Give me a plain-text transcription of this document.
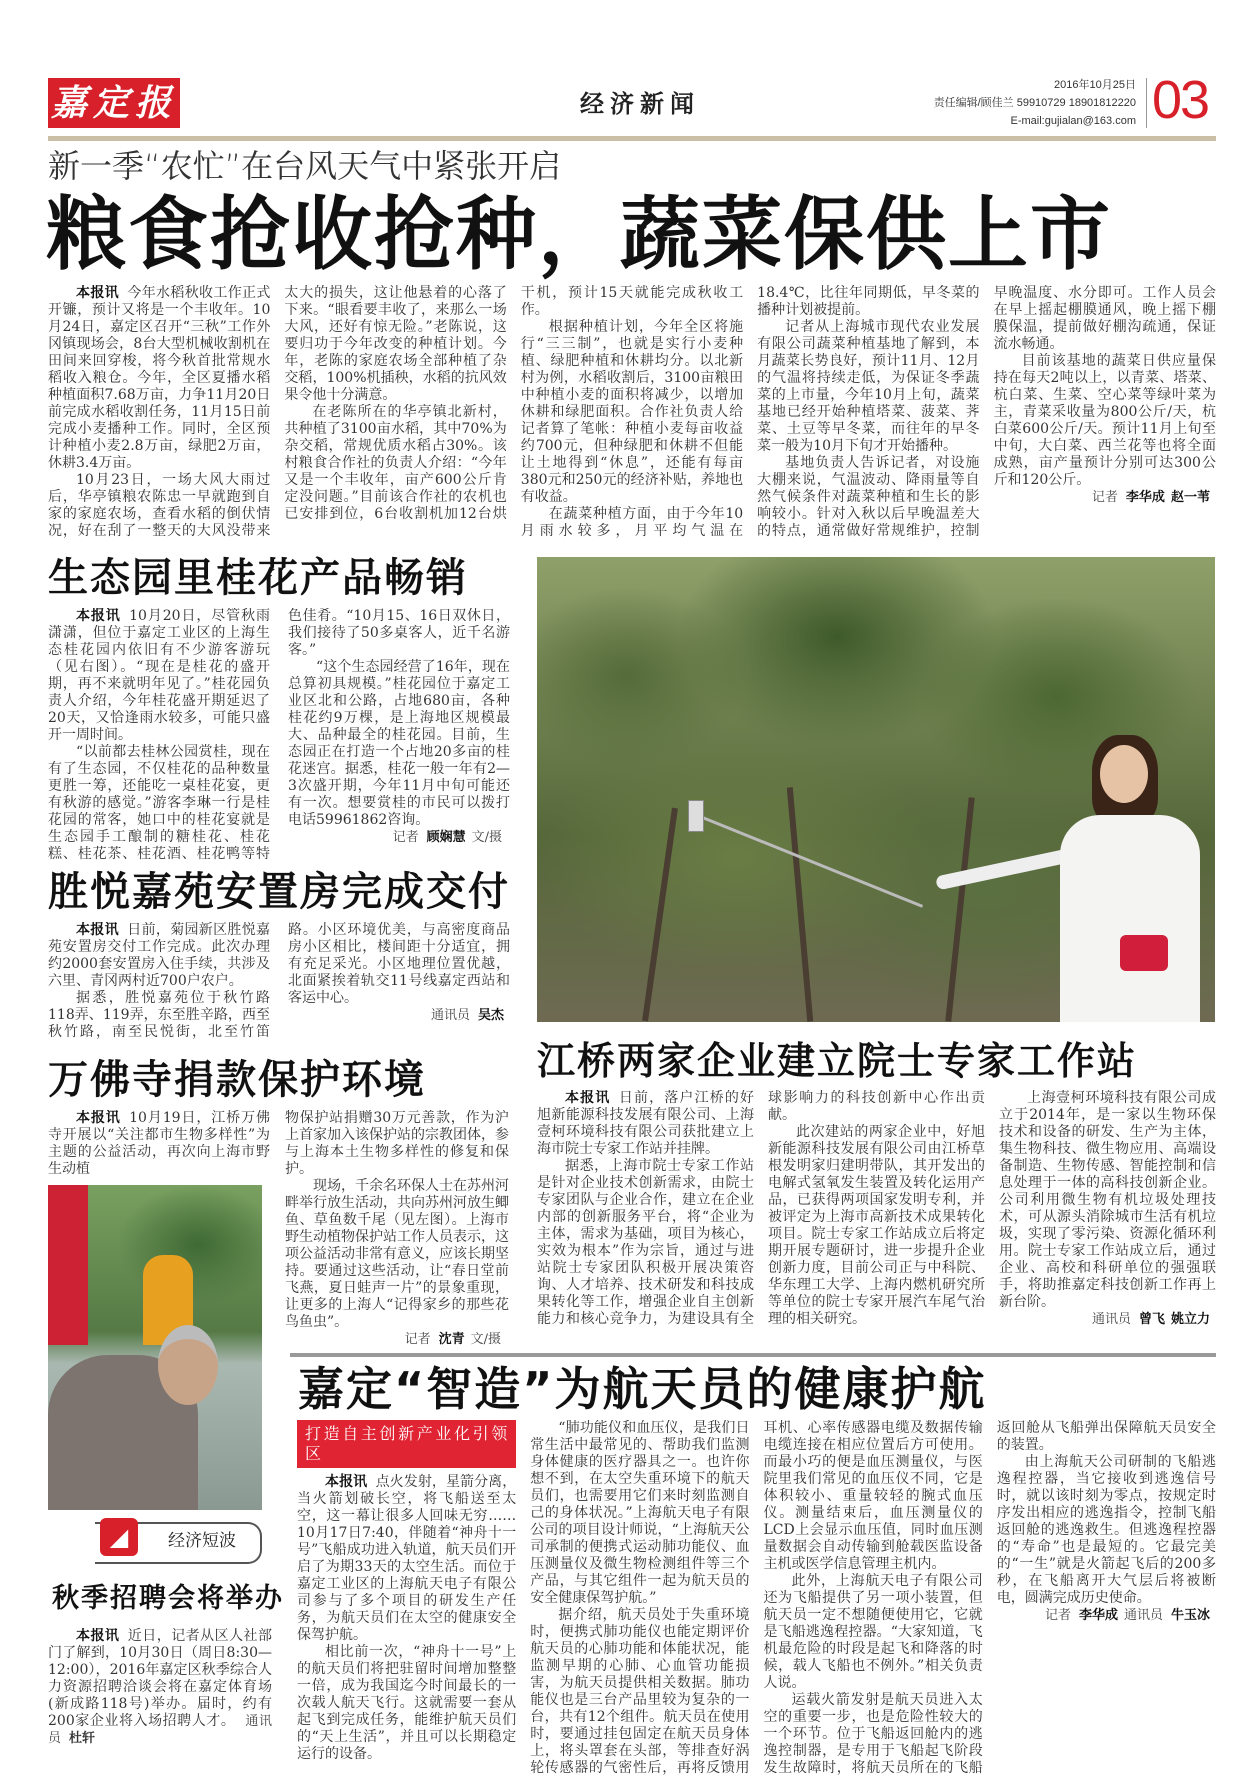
嘉定报	经济新闻
2016年10月25日
责任编辑/顾佳兰 59910729 18901812220
E-mail:gujialan@163.com 03
新一季“农忙”在台风天气中紧张开启
粮食抢收抢种，蔬菜保供上市

本报讯 今年水稻秋收工作正式开镰，预计又将是一个丰收年。10月24日，嘉定区召开“三秋”工作外冈镇现场会，8台大型机械收割机在田间来回穿梭，将今秋首批常规水稻收入粮仓。今年，全区夏播水稻种植面积7.68万亩，力争11月20日前完成水稻收割任务，11月15日前完成小麦播种工作。同时，全区预计种植小麦2.8万亩，绿肥2万亩，休耕3.4万亩。

10月23日，一场大风大雨过后，华亭镇粮农陈忠一早就跑到自家的家庭农场，查看水稻的倒伏情况，好在刮了一整天的大风没带来太大的损失，这让他悬着的心落了下来。“眼看要丰收了，来那么一场大风，还好有惊无险。”老陈说，这要归功于今年改变的种植计划。今年，老陈的家庭农场全部种植了杂交稻，100%机插秧，水稻的抗风效果令他十分满意。

在老陈所在的华亭镇北新村，共种植了3100亩水稻，其中70%为杂交稻，常规优质水稻占30%。该村粮食合作社的负责人介绍：“今年又是一个丰收年，亩产600公斤肯定没问题。”目前该合作社的农机也已安排到位，6台收割机加12台烘干机，预计15天就能完成秋收工作。

根据种植计划，今年全区将施行“三三制”，也就是实行小麦种植、绿肥种植和休耕均分。以北新村为例，水稻收割后，3100亩粮田中种植小麦的面积将减少，以增加休耕和绿肥面积。合作社负责人给记者算了笔帐：种植小麦每亩收益约700元，但种绿肥和休耕不但能让土地得到“休息”，还能有每亩380元和250元的经济补贴，养地也有收益。

在蔬菜种植方面，由于今年10月雨水较多，月平均气温在18.4℃，比往年同期低，早冬菜的播种计划被提前。

记者从上海城市现代农业发展有限公司蔬菜种植基地了解到，本月蔬菜长势良好，预计11月、12月的气温将持续走低，为保证冬季蔬菜的上市量，今年10月上旬，蔬菜基地已经开始种植塔菜、菠菜、荠菜、土豆等早冬菜，而往年的早冬菜一般为10月下旬才开始播种。

基地负责人告诉记者，对设施大棚来说，气温波动、降雨量等自然气候条件对蔬菜种植和生长的影响较小。针对入秋以后早晚温差大的特点，通常做好常规维护，控制早晚温度、水分即可。工作人员会在早上摇起棚膜通风，晚上摇下棚膜保温，提前做好棚沟疏通，保证流水畅通。

目前该基地的蔬菜日供应量保持在每天2吨以上，以青菜、塔菜、杭白菜、生菜、空心菜等绿叶菜为主，青菜采收量为800公斤/天，杭白菜600公斤/天。预计11月上旬至中旬，大白菜、西兰花等也将全面成熟，亩产量预计分别可达300公斤和120公斤。

记者 李华成 赵一苇

生态园里桂花产品畅销

本报讯 10月20日，尽管秋雨潇潇，但位于嘉定工业区的上海生态桂花园内依旧有不少游客游玩（见右图）。“现在是桂花的盛开期，再不来就明年见了。”桂花园负责人介绍，今年桂花盛开期延迟了20天，又恰逢雨水较多，可能只盛开一周时间。

“以前都去桂林公园赏桂，现在有了生态园，不仅桂花的品种数量更胜一筹，还能吃一桌桂花宴，更有秋游的感觉。”游客李琳一行是桂花园的常客，她口中的桂花宴就是生态园手工酿制的糖桂花、桂花糕、桂花茶、桂花酒、桂花鸭等特色佳肴。“10月15、16日双休日，我们接待了50多桌客人，近千名游客。”

“这个生态园经营了16年，现在总算初具规模。”桂花园位于嘉定工业区北和公路，占地680亩，各种桂花约9万棵，是上海地区规模最大、品种最全的桂花园。目前，生态园正在打造一个占地20多亩的桂花迷宫。据悉，桂花一般一年有2—3次盛开期，今年11月中旬可能还有一次。想要赏桂的市民可以拨打电话59961862咨询。

记者 顾娴慧 文/摄

胜悦嘉苑安置房完成交付

本报讯 日前，菊园新区胜悦嘉苑安置房交付工作完成。此次办理约2000套安置房入住手续，共涉及六里、青冈两村近700户农户。

据悉，胜悦嘉苑位于秋竹路118弄、119弄，东至胜辛路，西至秋竹路，南至民悦街，北至竹笛路。小区环境优美，与高密度商品房小区相比，楼间距十分适宜，拥有充足采光。小区地理位置优越，北面紧挨着轨交11号线嘉定西站和客运中心。

通讯员 吴杰

万佛寺捐款保护环境

本报讯 10月19日，江桥万佛寺开展以“关注都市生物多样性”为主题的公益活动，再次向上海市野生动植

物保护站捐赠30万元善款，作为沪上首家加入该保护站的宗教团体，参与上海本土生物多样性的修复和保护。

现场，千余名环保人士在苏州河畔举行放生活动，共向苏州河放生鲫鱼、草鱼数千尾（见左图）。上海市野生动植物保护站工作人员表示，这项公益活动非常有意义，应该长期坚持。要通过这些活动，让“春日堂前飞燕，夏日蛙声一片”的景象重现，让更多的上海人“记得家乡的那些花鸟鱼虫”。

记者 沈青 文/摄

江桥两家企业建立院士专家工作站

本报讯 日前，落户江桥的好旭新能源科技发展有限公司、上海壹柯环境科技有限公司获批建立上海市院士专家工作站并挂牌。

据悉，上海市院士专家工作站是针对企业技术创新需求，由院士专家团队与企业合作，建立在企业内部的创新服务平台，将“企业为主体，需求为基础，项目为核心，实效为根本”作为宗旨，通过与进站院士专家团队积极开展决策咨询、人才培养、技术研发和科技成果转化等工作，增强企业自主创新能力和核心竞争力，为建设具有全球影响力的科技创新中心作出贡献。

此次建站的两家企业中，好旭新能源科技发展有限公司由江桥草根发明家归建明带队，其开发出的电解式氢氧发生装置及转化运用产品，已获得两项国家发明专利，并被评定为上海市高新技术成果转化项目。院士专家工作站成立后将定期开展专题研讨，进一步提升企业创新力度，目前公司正与中科院、华东理工大学、上海内燃机研究所等单位的院士专家开展汽车尾气治理的相关研究。

上海壹柯环境科技有限公司成立于2014年，是一家以生物环保技术和设备的研发、生产为主体，集生物科技、微生物应用、高端设备制造、生物传感、智能控制和信息处理于一体的高科技创新企业。公司利用微生物有机垃圾处理技术，可从源头消除城市生活有机垃圾，实现了零污染、资源化循环利用。院士专家工作站成立后，通过企业、高校和科研单位的强强联手，将助推嘉定科技创新工作再上新台阶。

通讯员 曾飞 姚立力

嘉定“智造”为航天员的健康护航
打造自主创新产业化引领区

本报讯 点火发射，星箭分离，当火箭划破长空，将飞船送至太空，这一幕让很多人回味无穷……10月17日7:40，伴随着“神舟十一号”飞船成功进入轨道，航天员们开启了为期33天的太空生活。而位于嘉定工业区的上海航天电子有限公司参与了多个项目的研发生产任务，为航天员们在太空的健康安全保驾护航。

相比前一次，“神舟十一号”上的航天员们将把驻留时间增加整整一倍，成为我国迄今时间最长的一次载人航天飞行。这就需要一套从起飞到完成任务，能维护航天员们的“天上生活”，并且可以长期稳定运行的设备。

“肺功能仪和血压仪，是我们日常生活中最常见的、帮助我们监测身体健康的医疗器具之一。也许你想不到，在太空失重环境下的航天员们，也需要用它们来时刻监测自己的身体状况。”上海航天电子有限公司的项目设计师说，“上海航天公司承制的便携式运动肺功能仪、血压测量仪及微生物检测组件等三个产品，与其它组件一起为航天员的安全健康保驾护航。”

据介绍，航天员处于失重环境时，便携式肺功能仪也能定期评价航天员的心肺功能和体能状况，能监测早期的心肺、心血管功能损害，为航天员提供相关数据。肺功能仪也是三台产品里较为复杂的一台，共有12个组件。航天员在使用时，要通过挂包固定在航天员身体上，将头罩套在头部，等排查好涡轮传感器的气密性后，再将反馈用耳机、心率传感器电缆及数据传输电缆连接在相应位置后方可使用。而最小巧的便是血压测量仪，与医院里我们常见的血压仪不同，它是体积较小、重量较轻的腕式血压仪。测量结束后，血压测量仪的LCD上会显示血压值，同时血压测量数据会自动传输到舱载医监设备主机或医学信息管理主机内。

此外，上海航天电子有限公司还为飞船提供了另一项小装置，但航天员一定不想随便使用它，它就是飞船逃逸程控器。“大家知道，飞机最危险的时段是起飞和降落的时候，载人飞船也不例外。”相关负责人说。

运载火箭发射是航天员进入太空的重要一步，也是危险性较大的一个环节。位于飞船返回舱内的逃逸控制器，是专用于飞船起飞阶段发生故障时，将航天员所在的飞船返回舱从飞船弹出保障航天员安全的装置。

由上海航天公司研制的飞船逃逸程控器，当它接收到逃逸信号时，就以该时刻为零点，按规定时序发出相应的逃逸指令，控制飞船返回舱的逃逸救生。但逃逸程控器的“寿命”也是最短的。它最完美的“一生”就是火箭起飞后的200多秒，在飞船离开大气层后将被断电，圆满完成历史使命。

记者 李华成 通讯员 牛玉冰

◢	经济短波
秋季招聘会将举办

本报讯 近日，记者从区人社部门了解到，10月30日（周日8:30—12:00），2016年嘉定区秋季综合人力资源招聘洽谈会将在嘉定体育场(新成路118号)举办。届时，约有200家企业将入场招聘人才。 通讯员 杜轩
